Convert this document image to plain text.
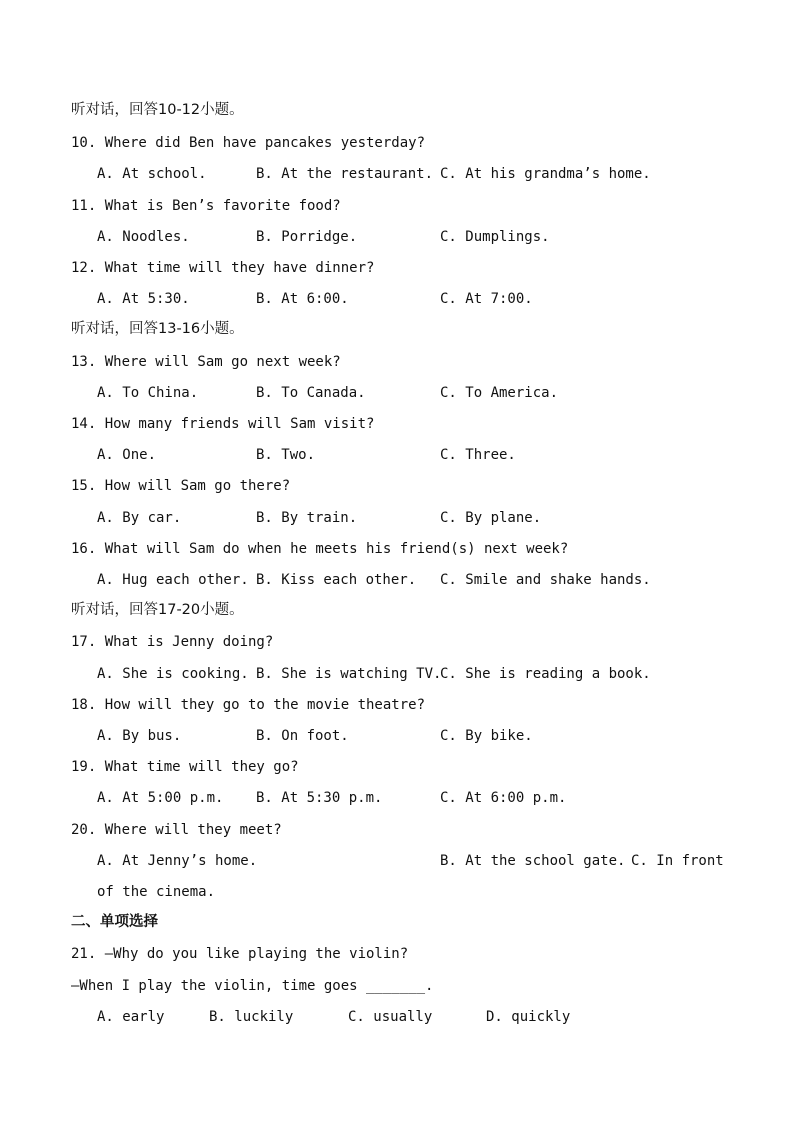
听对话，回答10-12小题。
10. Where did Ben have pancakes yesterday?
A. At school.	B. At the restaurant. C. At his grandma’s home.
11. What is Ben’s favorite food?
A. Noodles.	B. Porridge.	C. Dumplings.
12. What time will they have dinner?
A. At 5:30.	B. At 6:00.	C. At 7:00.
听对话，回答13-16小题。
13. Where will Sam go next week?
A. To China.	B. To Canada.	C. To America.
14. How many friends will Sam visit?
A. One.	B. Two.	C. Three.
15. How will Sam go there?
A. By car.	B. By train.	C. By plane.
16. What will Sam do when he meets his friend(s) next week?
A. Hug each other. B. Kiss each other. C. Smile and shake hands.
听对话，回答17-20小题。
17. What is Jenny doing?
A. She is cooking. B. She is watching TV.
C. She is reading a book.
18. How will they go to the movie theatre?
A. By bus.	B. On foot.	C. By bike.
19. What time will they go?
A. At 5:00 p.m. B. At 5:30 p.m.	C. At 6:00 p.m.
20. Where will they meet?
A. At Jenny’s home.	B. At the school gate. C. In front
of the cinema.
二、单项选择
21. —Why do you like playing the violin?
—When I play the violin, time goes _______.
A. early	B. luckily	C. usually	D. quickly
